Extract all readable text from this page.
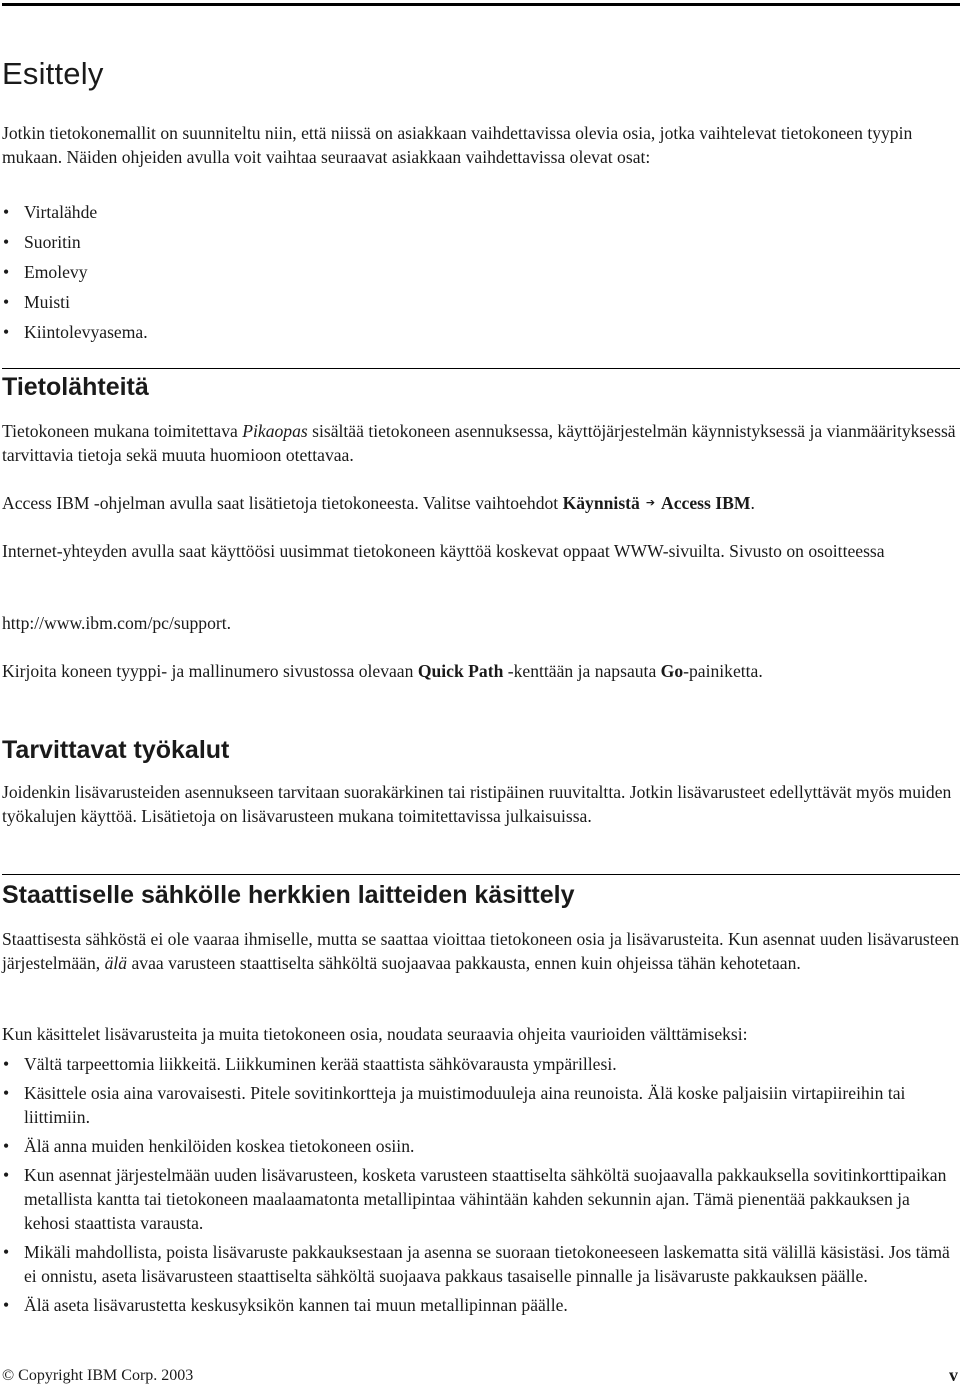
Esittely

Jotkin tietokonemallit on suunniteltu niin, että niissä on asiakkaan vaihdettavissa olevia osia, jotka vaihtelevat tietokoneen tyypin mukaan. Näiden ohjeiden avulla voit vaihtaa seuraavat asiakkaan vaihdettavissa olevat osat:

• Virtalähde
• Suoritin
• Emolevy
• Muisti
• Kiintolevyasema.
Tietolähteitä

Tietokoneen mukana toimitettava Pikaopas sisältää tietokoneen asennuksessa, käyttöjärjestelmän käynnistyksessä ja vianmäärityksessä tarvittavia tietoja sekä muuta huomioon otettavaa.

Access IBM -ohjelman avulla saat lisätietoja tietokoneesta. Valitse vaihtoehdot Käynnistä ➔ Access IBM.

Internet-yhteyden avulla saat käyttöösi uusimmat tietokoneen käyttöä koskevat oppaat WWW-sivuilta. Sivusto on osoitteessa

http://www.ibm.com/pc/support.

Kirjoita koneen tyyppi- ja mallinumero sivustossa olevaan Quick Path -kenttään ja napsauta Go-painiketta.

Tarvittavat työkalut

Joidenkin lisävarusteiden asennukseen tarvitaan suorakärkinen tai ristipäinen ruuvitaltta. Jotkin lisävarusteet edellyttävät myös muiden työkalujen käyttöä. Lisätietoja on lisävarusteen mukana toimitettavissa julkaisuissa.

Staattiselle sähkölle herkkien laitteiden käsittely

Staattisesta sähköstä ei ole vaaraa ihmiselle, mutta se saattaa vioittaa tietokoneen osia ja lisävarusteita. Kun asennat uuden lisävarusteen järjestelmään, älä avaa varusteen staattiselta sähköltä suojaavaa pakkausta, ennen kuin ohjeissa tähän kehotetaan.

Kun käsittelet lisävarusteita ja muita tietokoneen osia, noudata seuraavia ohjeita vaurioiden välttämiseksi:

• Vältä tarpeettomia liikkeitä. Liikkuminen kerää staattista sähkövarausta ympärillesi.
• Käsittele osia aina varovaisesti. Pitele sovitinkortteja ja muistimoduuleja aina reunoista. Älä koske paljaisiin virtapiireihin tai liittimiin.
• Älä anna muiden henkilöiden koskea tietokoneen osiin.
• Kun asennat järjestelmään uuden lisävarusteen, kosketa varusteen staattiselta sähköltä suojaavalla pakkauksella sovitinkorttipaikan metallista kantta tai tietokoneen maalaamatonta metallipintaa vähintään kahden sekunnin ajan. Tämä pienentää pakkauksen ja kehosi staattista varausta.
• Mikäli mahdollista, poista lisävaruste pakkauksestaan ja asenna se suoraan tietokoneeseen laskematta sitä välillä käsistäsi. Jos tämä ei onnistu, aseta lisävarusteen staattiselta sähköltä suojaava pakkaus tasaiselle pinnalle ja lisävaruste pakkauksen päälle.
• Älä aseta lisävarustetta keskusyksikön kannen tai muun metallipinnan päälle.
© Copyright IBM Corp. 2003	v
